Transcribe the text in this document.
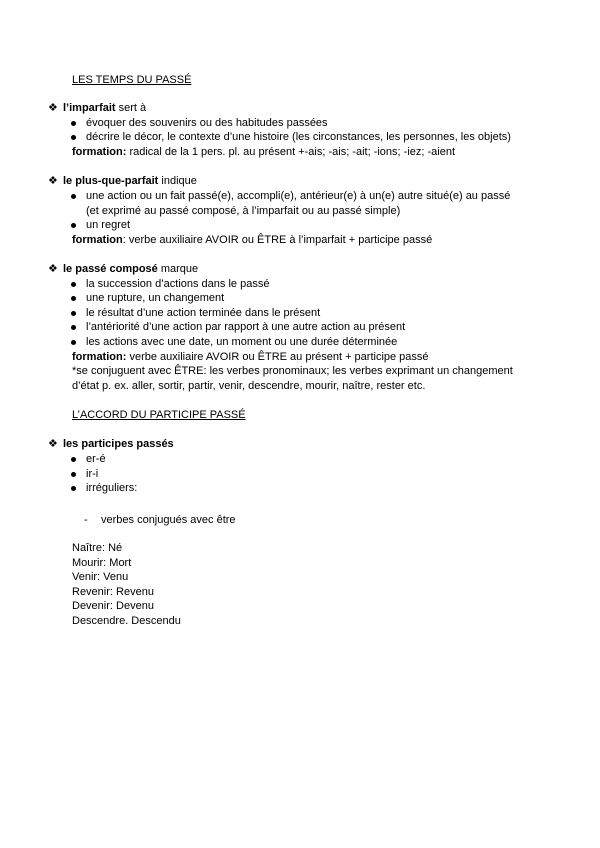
LES TEMPS DU PASSÉ
❖ l’imparfait sert à
évoquer des souvenirs ou des habitudes passées
décrire le décor, le contexte d’une histoire (les circonstances, les personnes, les objets)
formation: radical de la 1 pers. pl. au présent +-ais; -ais; -ait; -ions; -iez; -aient
❖ le plus-que-parfait indique
une action ou un fait passé(e), accompli(e), antérieur(e) à un(e) autre situé(e) au passé
(et exprimé au passé composé, à l’imparfait ou au passé simple)
un regret
formation: verbe auxiliaire AVOIR ou ÊTRE à l’imparfait + participe passé
❖ le passé composé marque
la succession d’actions dans le passé
une rupture, un changement
le résultat d’une action terminée dans le présent
l’antériorité d’une action par rapport à une autre action au présent
les actions avec une date, un moment ou une durée déterminée
formation: verbe auxiliaire AVOIR ou ÊTRE au présent + participe passé
*se conjuguent avec ÊTRE: les verbes pronominaux; les verbes exprimant un changement
d’état p. ex. aller, sortir, partir, venir, descendre, mourir, naître, rester etc.
L’ACCORD DU PARTICIPE PASSÉ
❖ les participes passés
er-é
ir-i
irréguliers:
- verbes conjugués avec être
Naître: Né
Mourir: Mort
Venir: Venu
Revenir: Revenu
Devenir: Devenu
Descendre. Descendu
